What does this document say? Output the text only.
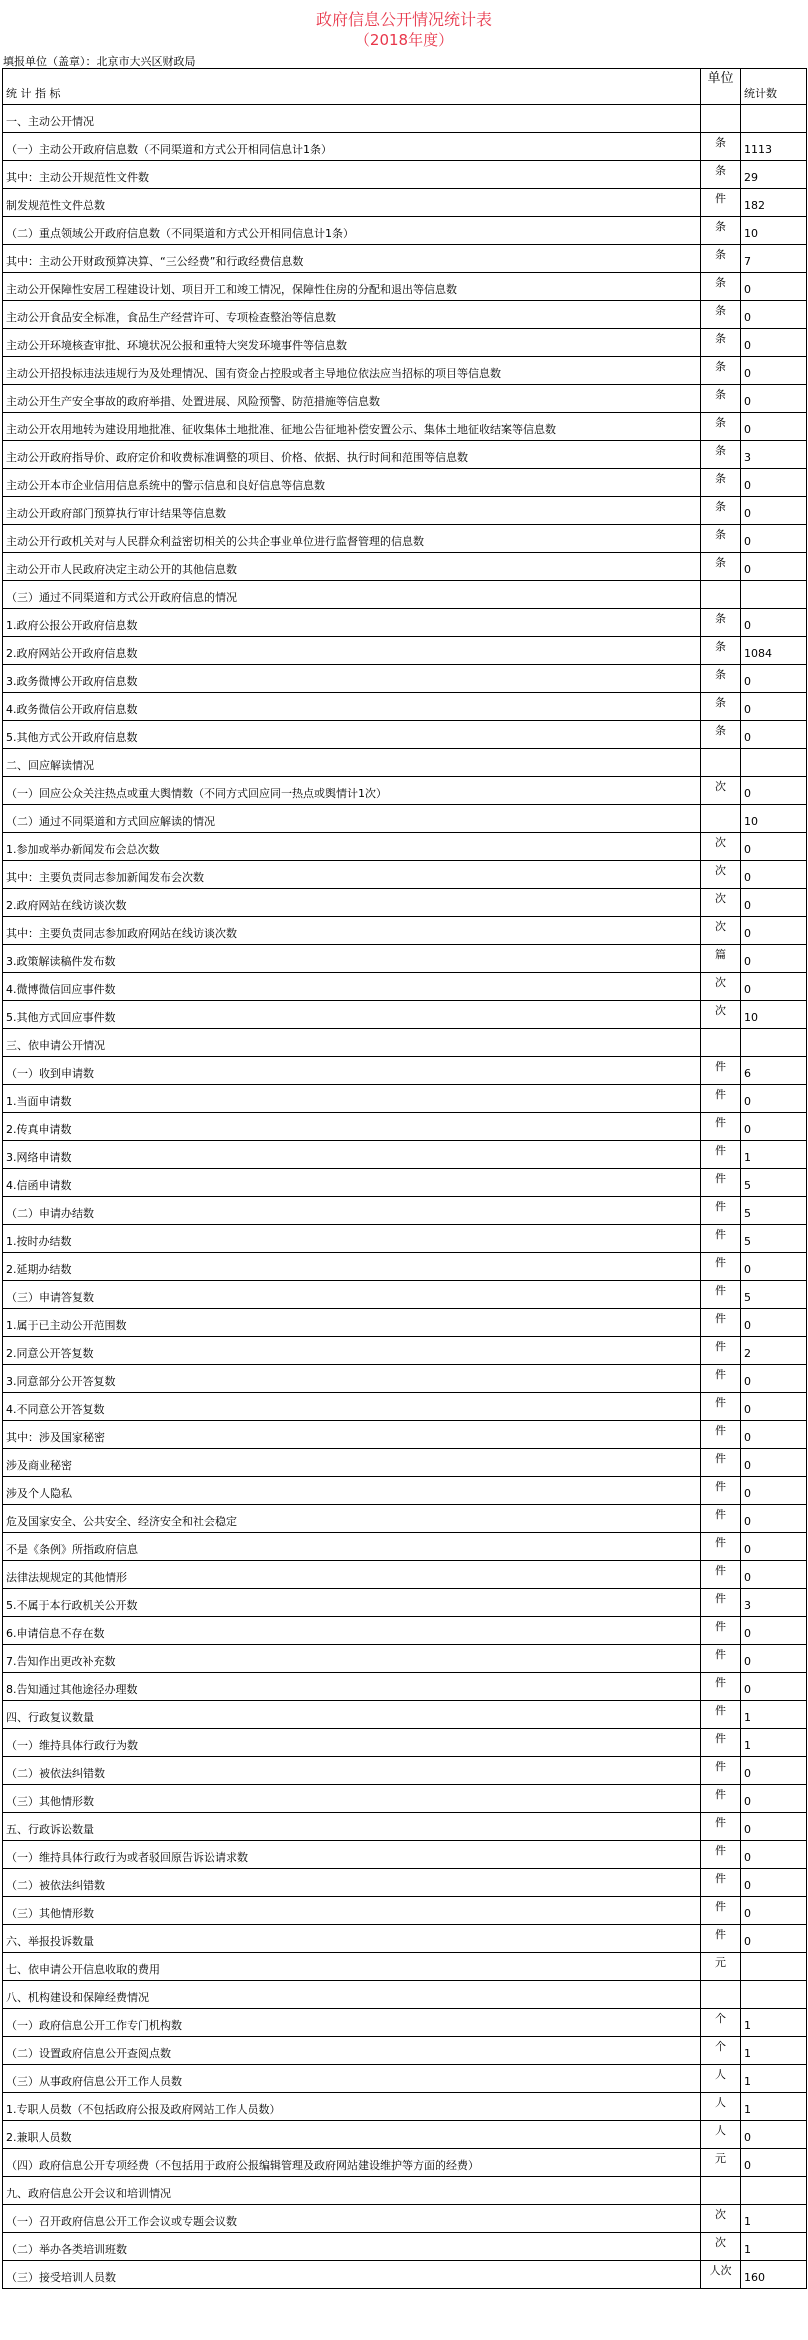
政府信息公开情况统计表
（2018年度）
填报单位（盖章）：北京市大兴区财政局
统 计 指 标	单位	统计数
一、主动公开情况		
（一）主动公开政府信息数（不同渠道和方式公开相同信息计1条）	条	1113
其中：主动公开规范性文件数	条	29
制发规范性文件总数	件	182
（二）重点领域公开政府信息数（不同渠道和方式公开相同信息计1条）	条	10
其中：主动公开财政预算决算、“三公经费”和行政经费信息数	条	7
主动公开保障性安居工程建设计划、项目开工和竣工情况，保障性住房的分配和退出等信息数	条	0
主动公开食品安全标准，食品生产经营许可、专项检查整治等信息数	条	0
主动公开环境核查审批、环境状况公报和重特大突发环境事件等信息数	条	0
主动公开招投标违法违规行为及处理情况、国有资金占控股或者主导地位依法应当招标的项目等信息数	条	0
主动公开生产安全事故的政府举措、处置进展、风险预警、防范措施等信息数	条	0
主动公开农用地转为建设用地批准、征收集体土地批准、征地公告征地补偿安置公示、集体土地征收结案等信息数	条	0
主动公开政府指导价、政府定价和收费标准调整的项目、价格、依据、执行时间和范围等信息数	条	3
主动公开本市企业信用信息系统中的警示信息和良好信息等信息数	条	0
主动公开政府部门预算执行审计结果等信息数	条	0
主动公开行政机关对与人民群众利益密切相关的公共企事业单位进行监督管理的信息数	条	0
主动公开市人民政府决定主动公开的其他信息数	条	0
（三）通过不同渠道和方式公开政府信息的情况		
1.政府公报公开政府信息数	条	0
2.政府网站公开政府信息数	条	1084
3.政务微博公开政府信息数	条	0
4.政务微信公开政府信息数	条	0
5.其他方式公开政府信息数	条	0
二、回应解读情况		
（一）回应公众关注热点或重大舆情数（不同方式回应同一热点或舆情计1次）	次	0
（二）通过不同渠道和方式回应解读的情况		10
1.参加或举办新闻发布会总次数	次	0
其中：主要负责同志参加新闻发布会次数	次	0
2.政府网站在线访谈次数	次	0
其中：主要负责同志参加政府网站在线访谈次数	次	0
3.政策解读稿件发布数	篇	0
4.微博微信回应事件数	次	0
5.其他方式回应事件数	次	10
三、依申请公开情况		
（一）收到申请数	件	6
1.当面申请数	件	0
2.传真申请数	件	0
3.网络申请数	件	1
4.信函申请数	件	5
（二）申请办结数	件	5
1.按时办结数	件	5
2.延期办结数	件	0
（三）申请答复数	件	5
1.属于已主动公开范围数	件	0
2.同意公开答复数	件	2
3.同意部分公开答复数	件	0
4.不同意公开答复数	件	0
其中：涉及国家秘密	件	0
涉及商业秘密	件	0
涉及个人隐私	件	0
危及国家安全、公共安全、经济安全和社会稳定	件	0
不是《条例》所指政府信息	件	0
法律法规规定的其他情形	件	0
5.不属于本行政机关公开数	件	3
6.申请信息不存在数	件	0
7.告知作出更改补充数	件	0
8.告知通过其他途径办理数	件	0
四、行政复议数量	件	1
（一）维持具体行政行为数	件	1
（二）被依法纠错数	件	0
（三）其他情形数	件	0
五、行政诉讼数量	件	0
（一）维持具体行政行为或者驳回原告诉讼请求数	件	0
（二）被依法纠错数	件	0
（三）其他情形数	件	0
六、举报投诉数量	件	0
七、依申请公开信息收取的费用	元	
八、机构建设和保障经费情况		
（一）政府信息公开工作专门机构数	个	1
（二）设置政府信息公开查阅点数	个	1
（三）从事政府信息公开工作人员数	人	1
1.专职人员数（不包括政府公报及政府网站工作人员数）	人	1
2.兼职人员数	人	0
（四）政府信息公开专项经费（不包括用于政府公报编辑管理及政府网站建设维护等方面的经费）	元	0
九、政府信息公开会议和培训情况		
（一）召开政府信息公开工作会议或专题会议数	次	1
（二）举办各类培训班数	次	1
（三）接受培训人员数	人次	160
